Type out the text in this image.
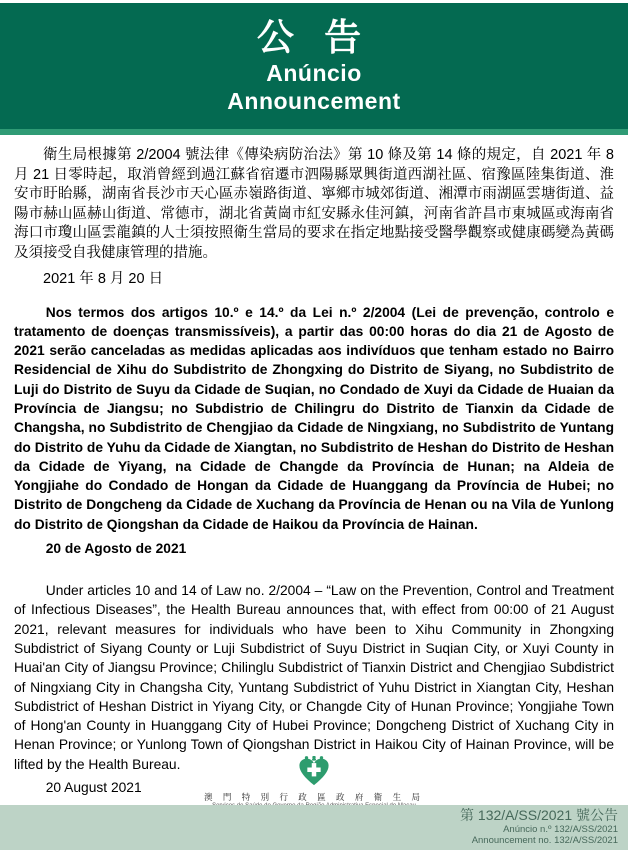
公 告
Anúncio
Announcement

衛生局根據第 2/2004 號法律《傳染病防治法》第 10 條及第 14 條的規定，自 2021 年 8 月 21 日零時起，取消曾經到過江蘇省宿遷市泗陽縣眾興街道西湖社區、宿豫區陸集街道、淮安市盱眙縣，湖南省長沙市天心區赤嶺路街道、寧鄉市城郊街道、湘潭市雨湖區雲塘街道、益陽市赫山區赫山街道、常德市，湖北省黃崗市紅安縣永佳河鎮，河南省許昌市東城區或海南省海口市瓊山區雲龍鎮的人士須按照衛生當局的要求在指定地點接受醫學觀察或健康碼變為黃碼及須接受自我健康管理的措施。

2021 年 8 月 20 日

Nos termos dos artigos 10.º e 14.º da Lei n.º 2/2004 (Lei de prevenção, controlo e tratamento de doenças transmissíveis), a partir das 00:00 horas do dia 21 de Agosto de 2021 serão canceladas as medidas aplicadas aos indivíduos que tenham estado no Bairro Residencial de Xihu do Subdistrito de Zhongxing do Distrito de Siyang, no Subdistrito de Luji do Distrito de Suyu da Cidade de Suqian, no Condado de Xuyi da Cidade de Huaian da Província de Jiangsu; no Subdistrio de Chilingru do Distrito de Tianxin da Cidade de Changsha, no Subdistrito de Chengjiao da Cidade de Ningxiang, no Subdistrito de Yuntang do Distrito de Yuhu da Cidade de Xiangtan, no Subdistrito de Heshan do Distrito de Heshan da Cidade de Yiyang, na Cidade de Changde da Província de Hunan; na Aldeia de Yongjiahe do Condado de Hongan da Cidade de Huanggang da Província de Hubei; no Distrito de Dongcheng da Cidade de Xuchang da Província de Henan ou na Vila de Yunlong do Distrito de Qiongshan da Cidade de Haikou da Província de Hainan.

20 de Agosto de 2021

Under articles 10 and 14 of Law no. 2/2004 – “Law on the Prevention, Control and Treatment of Infectious Diseases”, the Health Bureau announces that, with effect from 00:00 of 21 August 2021, relevant measures for individuals who have been to Xihu Community in Zhongxing Subdistrict of Siyang County or Luji Subdistrict of Suyu District in Suqian City, or Xuyi County in Huai'an City of Jiangsu Province; Chilinglu Subdistrict of Tianxin District and Chengjiao Subdistrict of Ningxiang City in Changsha City, Yuntang Subdistrict of Yuhu District in Xiangtan City, Heshan Subdistrict of Heshan District in Yiyang City, or Changde City of Hunan Province; Yongjiahe Town of Hong'an County in Huanggang City of Hubei Province; Dongcheng District of Xuchang City in Henan Province; or Yunlong Town of Qiongshan District in Haikou City of Hainan Province, will be lifted by the Health Bureau.

20 August 2021

澳 門 特 別 行 政 區 政 府 衛 生 局
第 132/A/SS/2021 號公告
Anúncio n.º 132/A/SS/2021
Announcement no. 132/A/SS/2021
